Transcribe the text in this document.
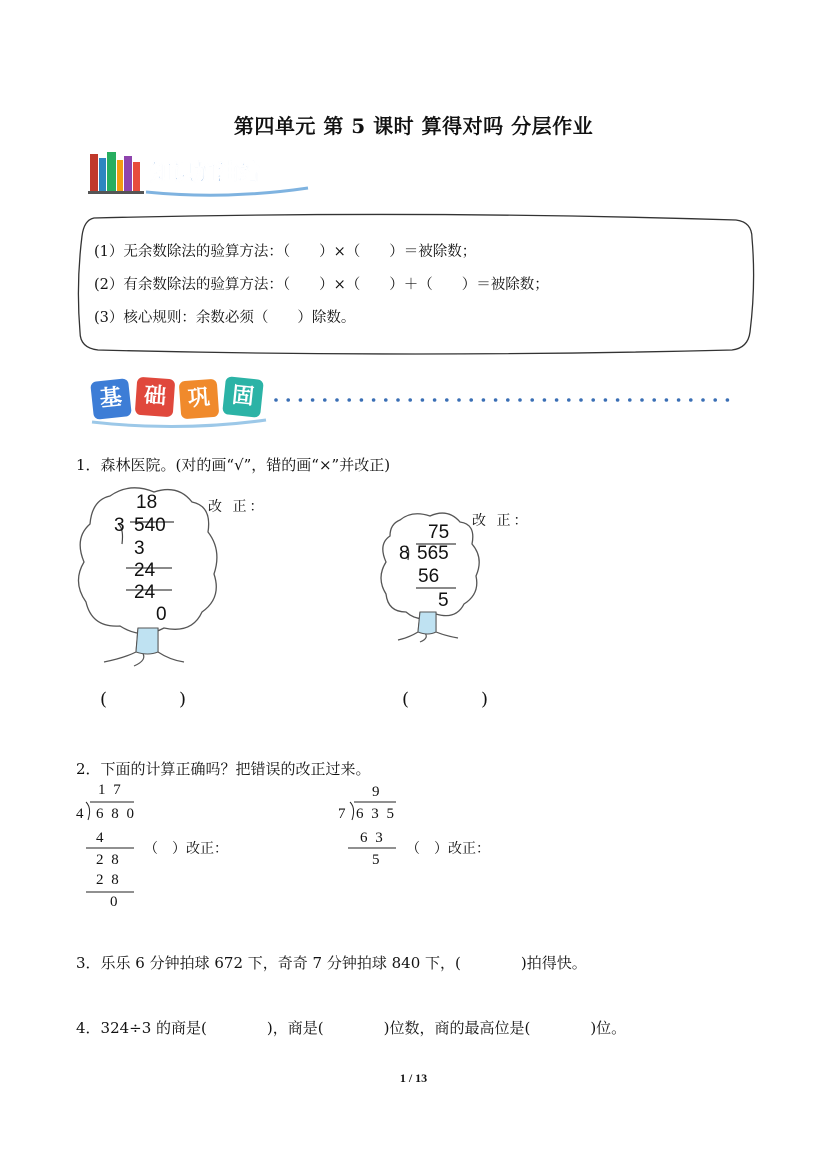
第四单元 第 5 课时 算得对吗 分层作业
知识加油站
(1）无余数除法的验算方法：（　　）×（　　）＝被除数；
(2）有余数除法的验算方法：（　　）×（　　）＋（　　）＝被除数；
(3）核心规则：余数必须（　　）除数。
基 础 巩 固
1．森林医院。(对的画“√”，错的画“×”并改正)
18
3 540
3
24
24
0
改 正：
(　　　　)
75
8 565
56
5
改 正：
(　　　　)
2．下面的计算正确吗？把错误的改正过来。
1 7
4 6 8 0
4
2 8
2 8
0
（　）改正：
9
7 6 3 5
6 3
5
（　）改正：
3．乐乐 6 分钟拍球 672 下，奇奇 7 分钟拍球 840 下，(　　　　)拍得快。
4．324÷3 的商是(　　　　)，商是(　　　　)位数，商的最高位是(　　　　)位。
1 / 13
